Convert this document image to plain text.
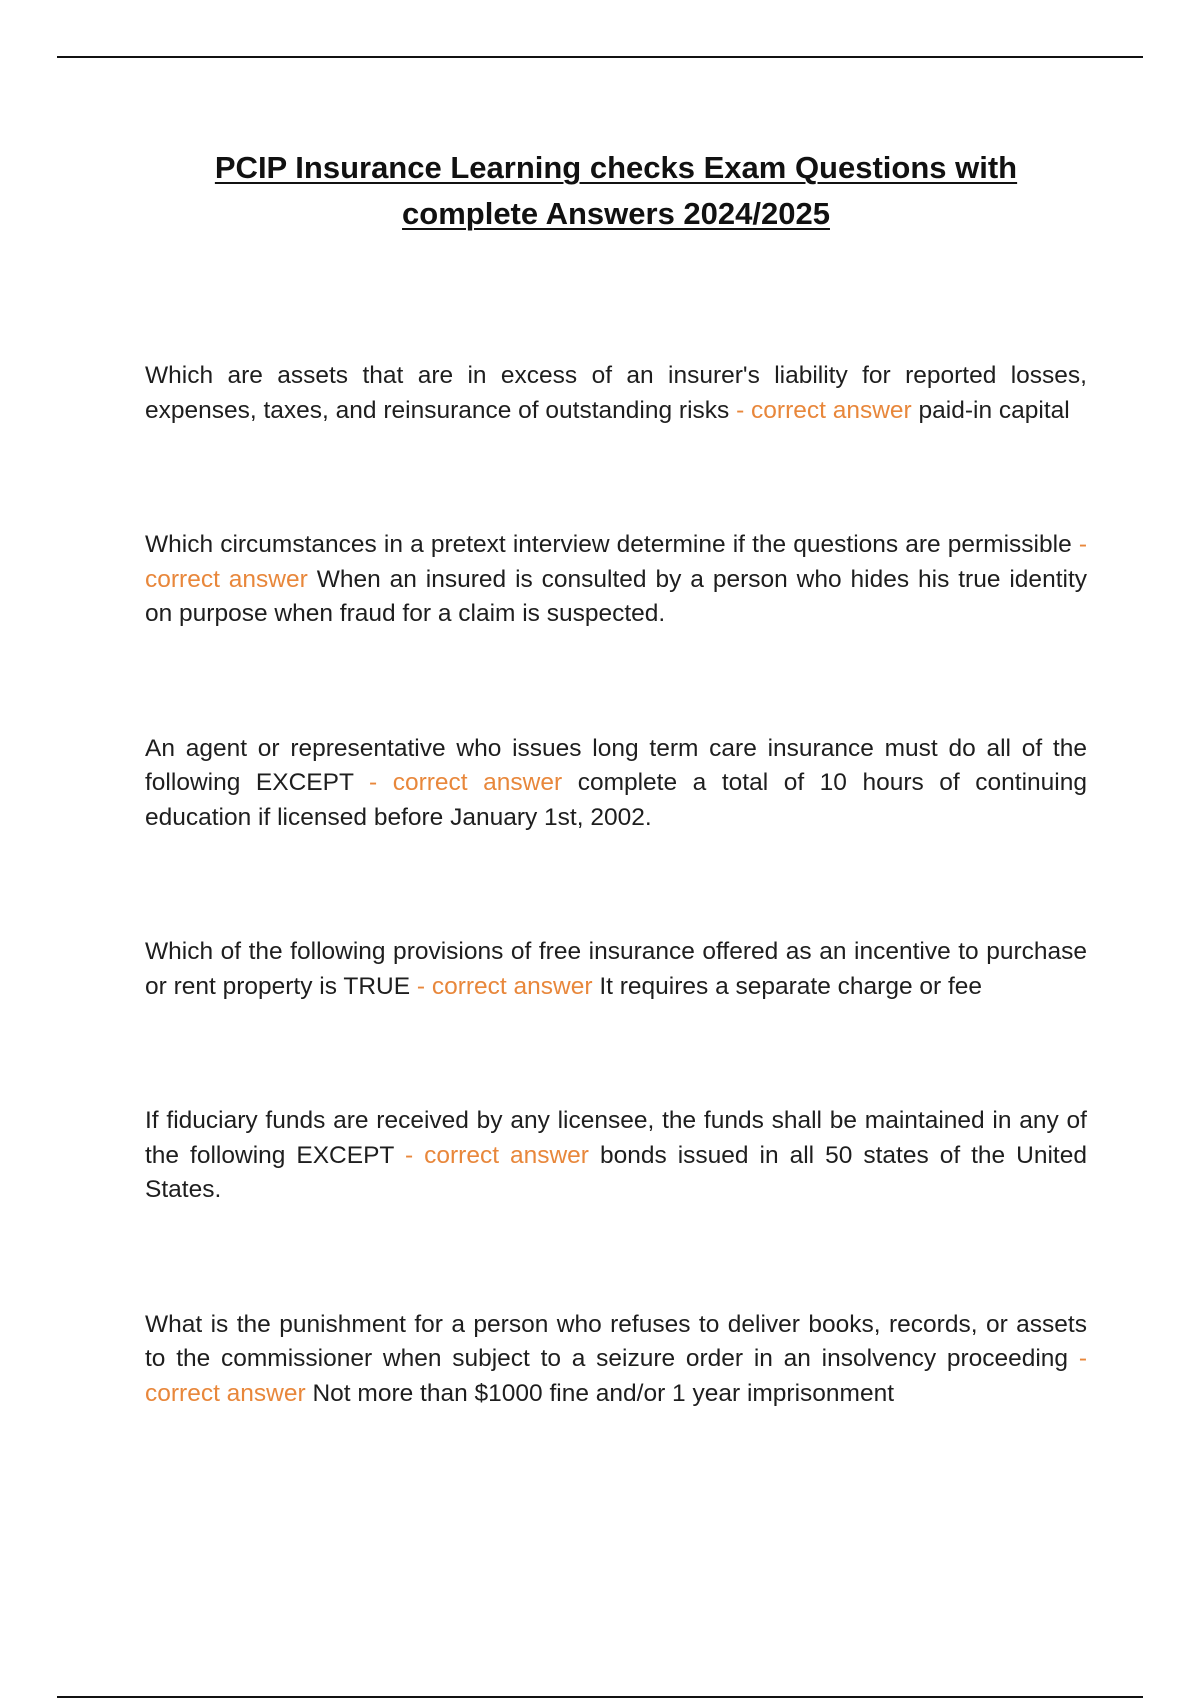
PCIP Insurance Learning checks Exam Questions with complete Answers 2024/2025

Which are assets that are in excess of an insurer's liability for reported losses, expenses, taxes, and reinsurance of outstanding risks - correct answer paid-in capital

Which circumstances in a pretext interview determine if the questions are permissible - correct answer When an insured is consulted by a person who hides his true identity on purpose when fraud for a claim is suspected.

An agent or representative who issues long term care insurance must do all of the following EXCEPT - correct answer complete a total of 10 hours of continuing education if licensed before January 1st, 2002.

Which of the following provisions of free insurance offered as an incentive to purchase or rent property is TRUE - correct answer It requires a separate charge or fee

If fiduciary funds are received by any licensee, the funds shall be maintained in any of the following EXCEPT - correct answer bonds issued in all 50 states of the United States.

What is the punishment for a person who refuses to deliver books, records, or assets to the commissioner when subject to a seizure order in an insolvency proceeding - correct answer Not more than $1000 fine and/or 1 year imprisonment
